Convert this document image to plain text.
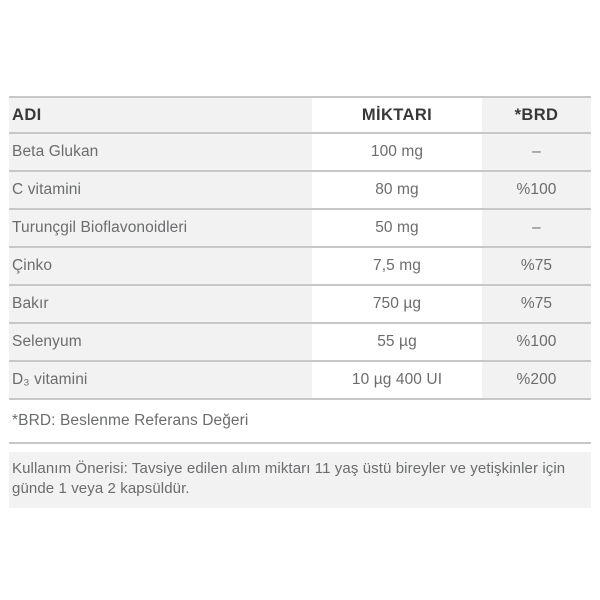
ADI	MİKTARI	*BRD
Beta Glukan	100 mg	–
C vitamini	80 mg	%100
Turunçgil Bioflavonoidleri	50 mg	–
Çinko	7,5 mg	%75
Bakır	750 µg	%75
Selenyum	55 µg	%100
D₃ vitamini	10 µg 400 UI	%200
*BRD: Beslenme Referans Değeri
Kullanım Önerisi: Tavsiye edilen alım miktarı 11 yaş üstü bireyler ve yetişkinler için günde 1 veya 2 kapsüldür.
